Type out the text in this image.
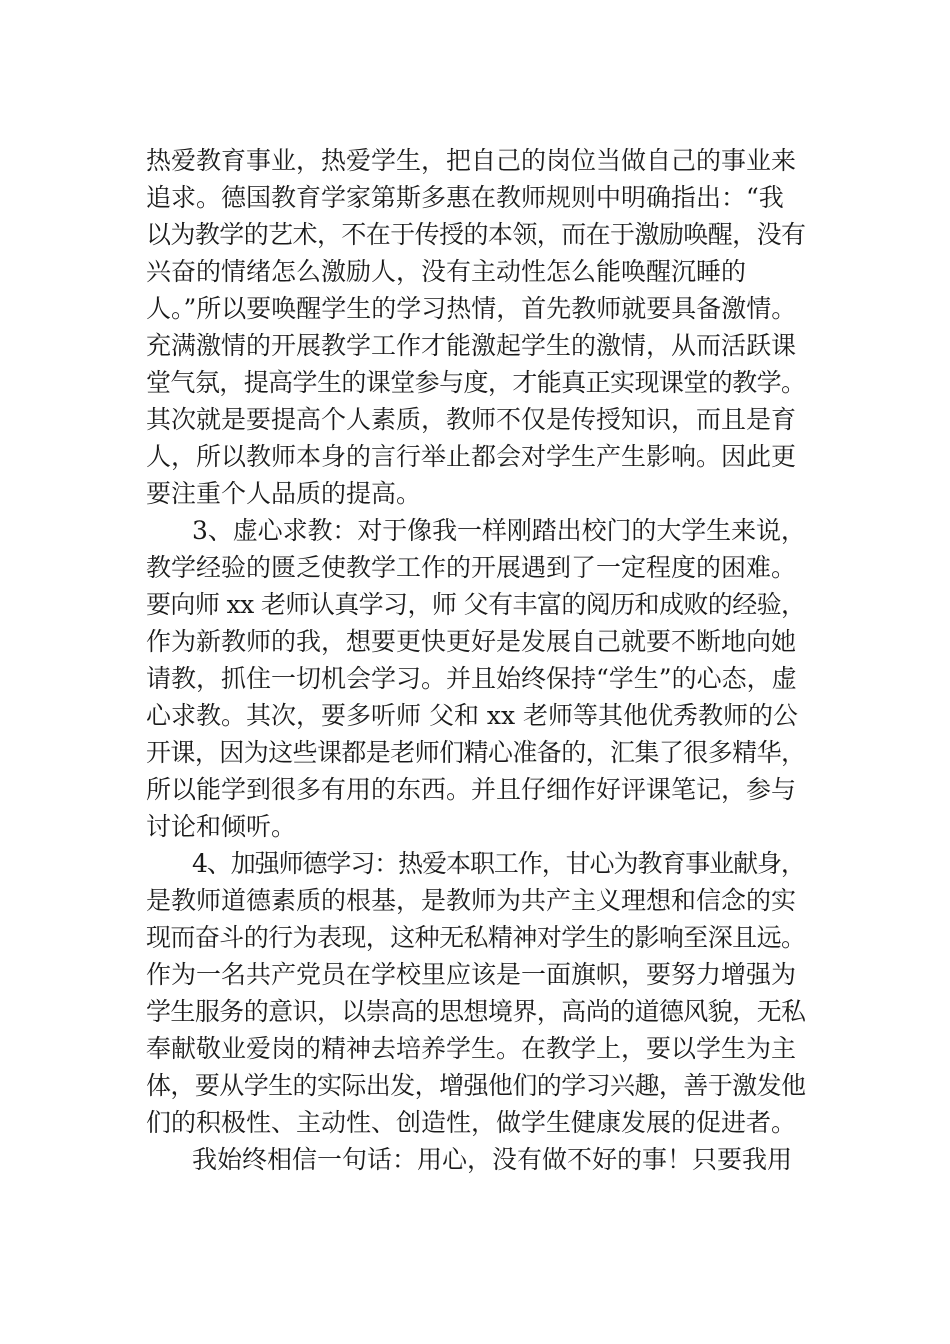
热爱教育事业，热爱学生，把自己的岗位当做自己的事业来
追求。德国教育学家第斯多惠在教师规则中明确指出：“我
以为教学的艺术，不在于传授的本领，而在于激励唤醒，没有
兴奋的情绪怎么激励人，没有主动性怎么能唤醒沉睡的
人。”所以要唤醒学生的学习热情，首先教师就要具备激情。
充满激情的开展教学工作才能激起学生的激情，从而活跃课
堂气氛，提高学生的课堂参与度，才能真正实现课堂的教学。
其次就是要提高个人素质，教师不仅是传授知识，而且是育
人，所以教师本身的言行举止都会对学生产生影响。因此更
要注重个人品质的提高。
3、虚心求教：对于像我一样刚踏出校门的大学生来说，
教学经验的匮乏使教学工作的开展遇到了一定程度的困难。
要向师 xx 老师认真学习，师 父有丰富的阅历和成败的经验，
作为新教师的我，想要更快更好是发展自己就要不断地向她
请教，抓住一切机会学习。并且始终保持“学生”的心态，虚
心求教。其次，要多听师 父和 xx 老师等其他优秀教师的公
开课，因为这些课都是老师们精心准备的，汇集了很多精华，
所以能学到很多有用的东西。并且仔细作好评课笔记，参与
讨论和倾听。
4、加强师德学习：热爱本职工作，甘心为教育事业献身，
是教师道德素质的根基，是教师为共产主义理想和信念的实
现而奋斗的行为表现，这种无私精神对学生的影响至深且远。
作为一名共产党员在学校里应该是一面旗帜，要努力增强为
学生服务的意识，以崇高的思想境界，高尚的道德风貌，无私
奉献敬业爱岗的精神去培养学生。在教学上，要以学生为主
体，要从学生的实际出发，增强他们的学习兴趣，善于激发他
们的积极性、主动性、创造性，做学生健康发展的促进者。
我始终相信一句话：用心，没有做不好的事！只要我用
